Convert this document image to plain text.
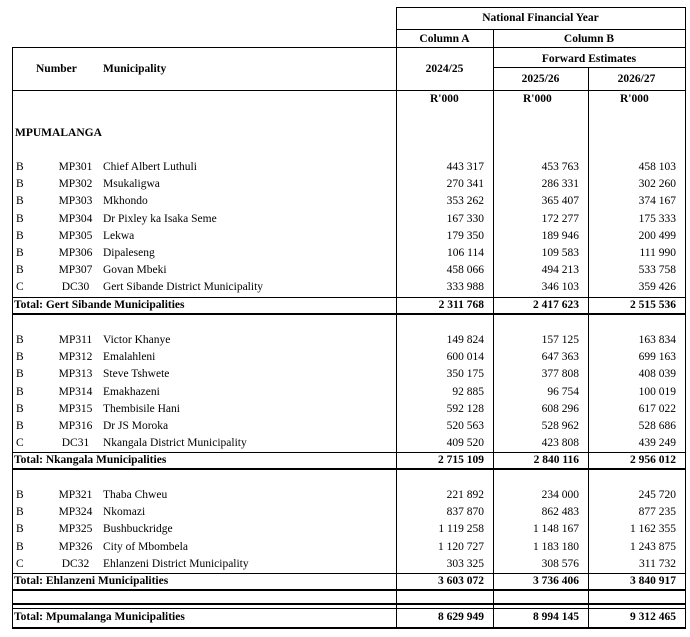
National Financial Year
Column A	Column B
Forward Estimates
Number Municipality	2024/25
2025/26	2026/27
R'000	R'000	R'000
MPUMALANGA
B	MP301 Chief Albert Luthuli	443 317	453 763	458 103
B	MP302 Msukaligwa	270 341	286 331	302 260
B	MP303 Mkhondo	353 262	365 407	374 167
B	MP304 Dr Pixley ka Isaka Seme	167 330	172 277	175 333
B	MP305 Lekwa	179 350	189 946	200 499
B	MP306 Dipaleseng	106 114	109 583	111 990
B	MP307 Govan Mbeki	458 066	494 213	533 758
C	DC30	Gert Sibande District Municipality	333 988	346 103	359 426
Total: Gert Sibande Municipalities	2 311 768	2 417 623	2 515 536
B	MP311 Victor Khanye	149 824	157 125	163 834
B	MP312 Emalahleni	600 014	647 363	699 163
B	MP313 Steve Tshwete	350 175	377 808	408 039
B	MP314 Emakhazeni	92 885	96 754	100 019
B	MP315 Thembisile Hani	592 128	608 296	617 022
B	MP316 Dr JS Moroka	520 563	528 962	528 686
C	DC31	Nkangala District Municipality	409 520	423 808	439 249
Total: Nkangala Municipalities	2 715 109	2 840 116	2 956 012
B	MP321 Thaba Chweu	221 892	234 000	245 720
B	MP324 Nkomazi	837 870	862 483	877 235
B	MP325 Bushbuckridge	1 119 258	1 148 167	1 162 355
B	MP326 City of Mbombela	1 120 727	1 183 180	1 243 875
C	DC32	Ehlanzeni District Municipality	303 325	308 576	311 732
Total: Ehlanzeni Municipalities	3 603 072	3 736 406	3 840 917
Total: Mpumalanga Municipalities	8 629 949	8 994 145	9 312 465
